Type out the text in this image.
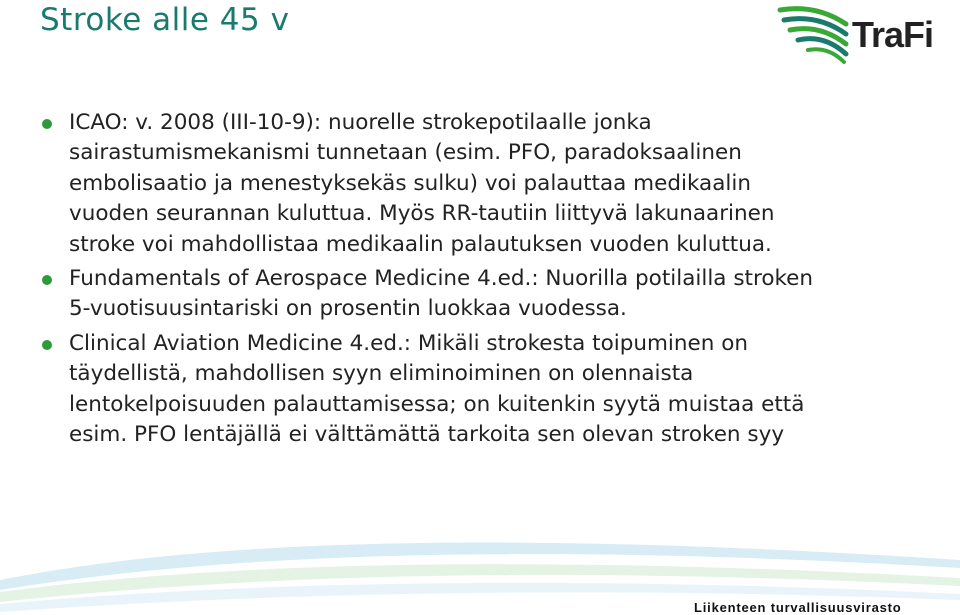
Stroke alle 45 v	TraFi
ICAO: v. 2008 (III-10-9): nuorelle strokepotilaalle jonka sairastumismekanismi tunnetaan (esim. PFO, paradoksaalinen embolisaatio ja menestyksekäs sulku) voi palauttaa medikaalin vuoden seurannan kuluttua. Myös RR-tautiin liittyvä lakunaarinen stroke voi mahdollistaa medikaalin palautuksen vuoden kuluttua.
Fundamentals of Aerospace Medicine 4.ed.: Nuorilla potilailla stroken 5-vuotisuusintariski on prosentin luokkaa vuodessa.
Clinical Aviation Medicine 4.ed.: Mikäli strokesta toipuminen on täydellistä, mahdollisen syyn eliminoiminen on olennaista lentokelpoisuuden palauttamisessa; on kuitenkin syytä muistaa että esim. PFO lentäjällä ei välttämättä tarkoita sen olevan stroken syy
Liikenteen turvallisuusvirasto
